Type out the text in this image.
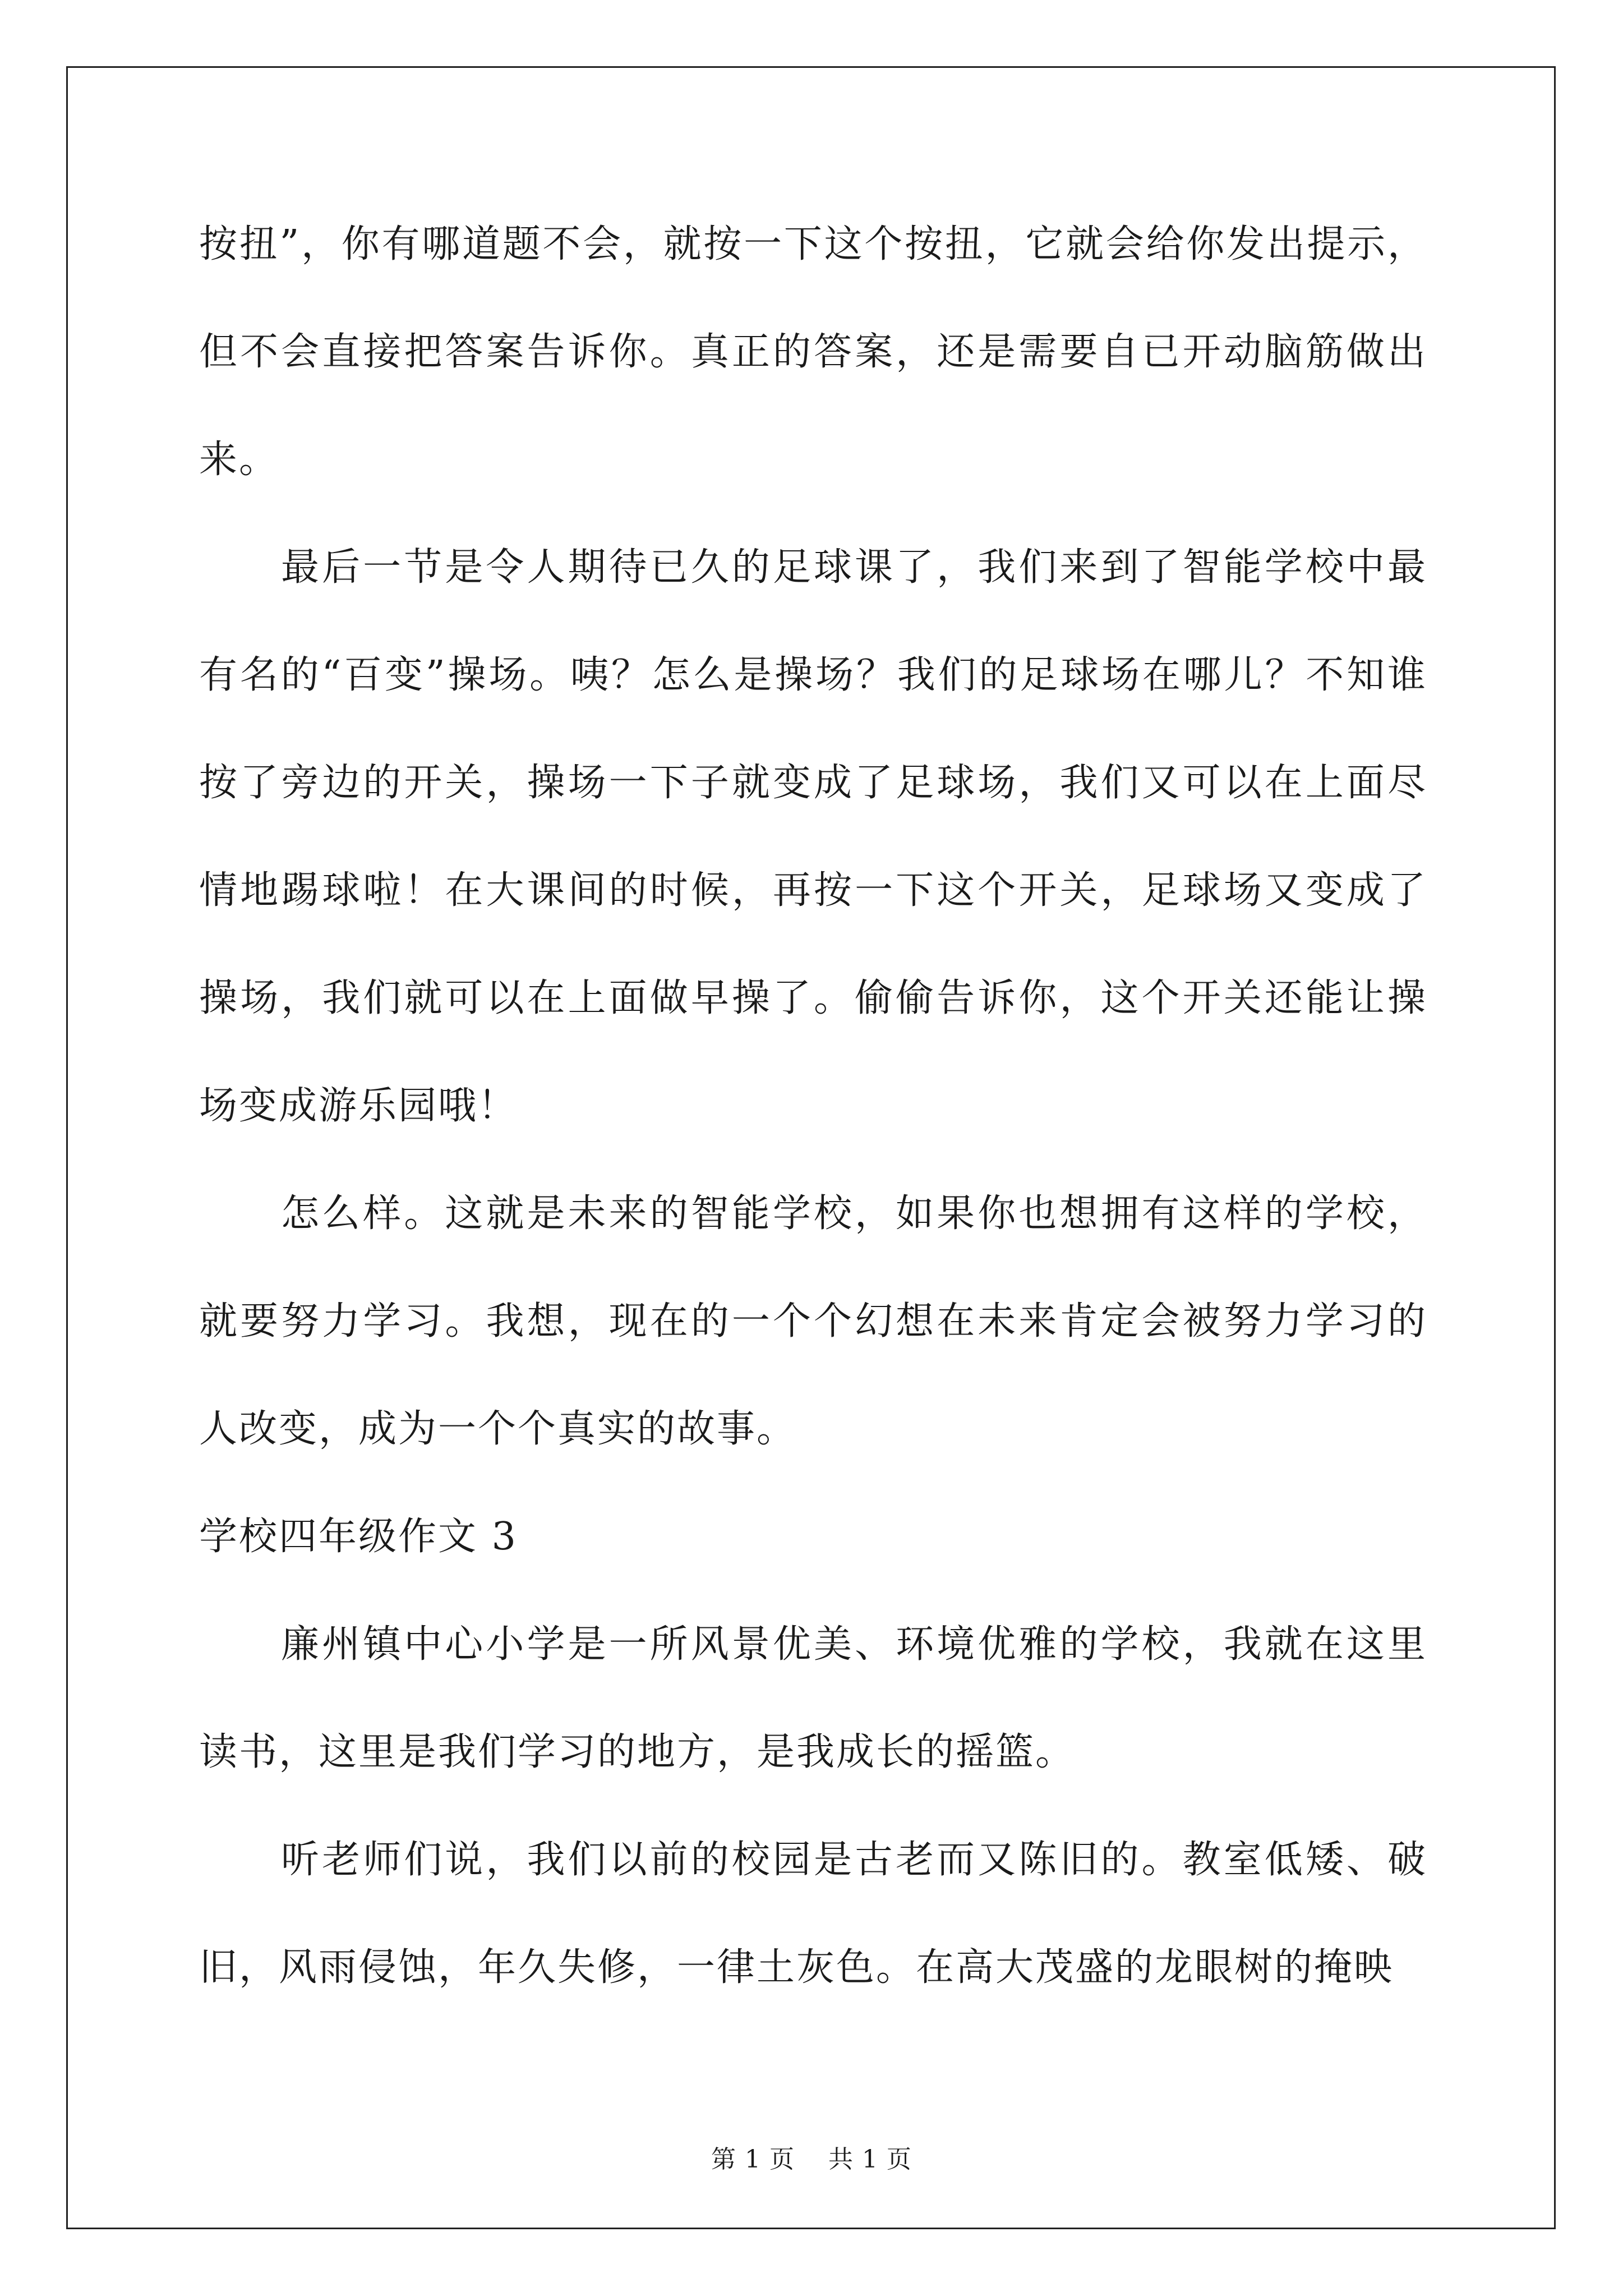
按扭”，你有哪道题不会，就按一下这个按扭，它就会给你发出提示，但不会直接把答案告诉你。真正的答案，还是需要自已开动脑筋做出来。

最后一节是令人期待已久的足球课了，我们来到了智能学校中最有名的“百变”操场。咦？怎么是操场？我们的足球场在哪儿？不知谁按了旁边的开关，操场一下子就变成了足球场，我们又可以在上面尽情地踢球啦！在大课间的时候，再按一下这个开关，足球场又变成了操场，我们就可以在上面做早操了。偷偷告诉你，这个开关还能让操场变成游乐园哦！

怎么样。这就是未来的智能学校，如果你也想拥有这样的学校，就要努力学习。我想，现在的一个个幻想在未来肯定会被努力学习的人改变，成为一个个真实的故事。

学校四年级作文 3

廉州镇中心小学是一所风景优美、环境优雅的学校，我就在这里读书，这里是我们学习的地方，是我成长的摇篮。

听老师们说，我们以前的校园是古老而又陈旧的。教室低矮、破旧，风雨侵蚀，年久失修，一律土灰色。在高大茂盛的龙眼树的掩映

第 1 页 共 1 页
